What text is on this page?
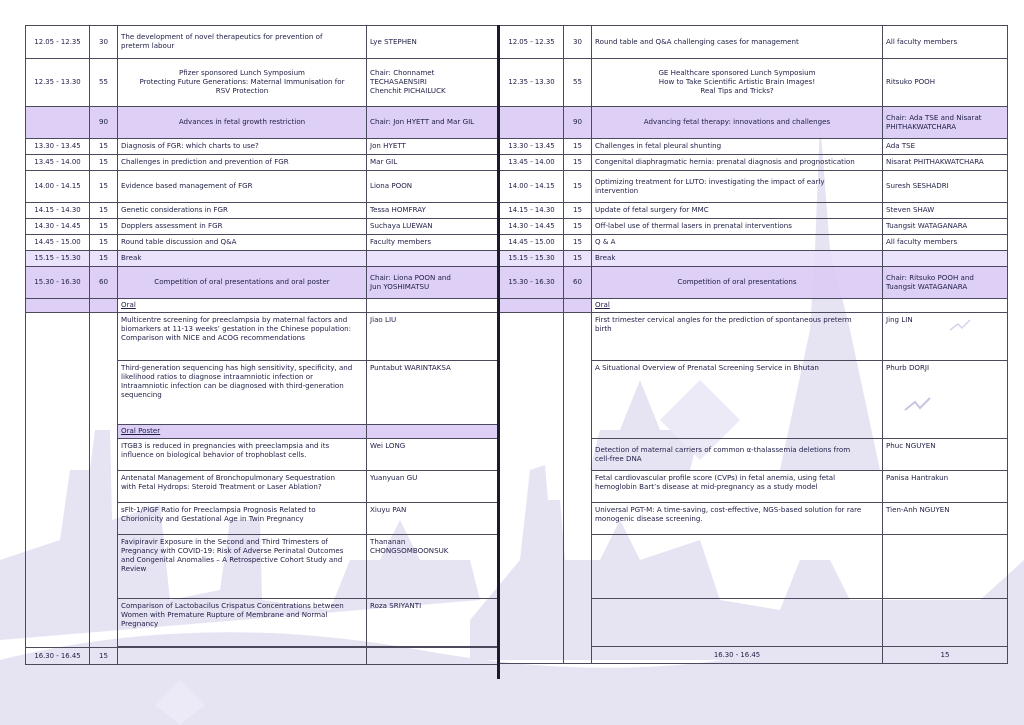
12.05 - 12.35	30	The development of novel therapeutics for prevention of
preterm labour	Lye STEPHEN
12.35 - 13.30	55	Pfizer sponsored Lunch Symposium
Protecting Future Generations: Maternal Immunisation for
RSV Protection	Chair: Chonnamet
TECHASAENSIRI
Chenchit PICHAILUCK

	90	Advances in fetal growth restriction	Chair: Jon HYETT and Mar GIL
13.30 - 13.45	15	Diagnosis of FGR: which charts to use?	Jon HYETT
13.45 - 14.00	15	Challenges in prediction and prevention of FGR	Mar GIL
14.00 - 14.15	15	Evidence based management of FGR	Liona POON
14.15 - 14.30	15	Genetic considerations in FGR	Tessa HOMFRAY
14.30 - 14.45	15	Dopplers assessment in FGR	Suchaya LUEWAN
14.45 - 15.00	15	Round table discussion and Q&A	Faculty members
15.15 - 15.30	15	Break	
15.30 - 16.30	60	Competition of oral presentations and oral poster	Chair: Liona POON and
Jun YOSHIMATSU

		Oral	

		Multicentre screening for preeclampsia by maternal factors and
biomarkers at 11-13 weeks’ gestation in the Chinese population:
Comparison with NICE and ACOG recommendations	Jiao LIU

		Third-generation sequencing has high sensitivity, specificity, and
likelihood ratios to diagnose intraamniotic infection or
Intraamniotic infection can be diagnosed with third-generation
sequencing	Puntabut WARINTAKSA
		Oral Poster	

		ITGB3 is reduced in pregnancies with preeclampsia and its
influence on biological behavior of trophoblast cells.	Wei LONG

		Antenatal Management of Bronchopulmonary Sequestration
with Fetal Hydrops: Steroid Treatment or Laser Ablation?	Yuanyuan GU

		sFlt-1/PlGF Ratio for Preeclampsia Prognosis Related to
Chorionicity and Gestational Age in Twin Pregnancy	Xiuyu PAN

		Favipiravir Exposure in the Second and Third Trimesters of
Pregnancy with COVID-19: Risk of Adverse Perinatal Outcomes
and Congenital Anomalies – A Retrospective Cohort Study and
Review	Thananan
CHONGSOMBOONSUK

		Comparison of Lactobacilus Crispatus Concentrations between
Women with Premature Rupture of Membrane and Normal
Pregnancy	Roza SRIYANTI

16.30 - 16.45	15		
12.05 - 12.35	30	Round table and Q&A challenging cases for management	All faculty members	
12.35 - 13.30	55	GE Healthcare sponsored Lunch Symposium
How to Take Scientific Artistic Brain Images!
Real Tips and Tricks?	Ritsuko POOH	
	90	Advancing fetal therapy: innovations and challenges	Chair: Ada TSE and Nisarat
PHITHAKWATCHARA	

13.30 - 13.45	15	Challenges in fetal pleural shunting	Ada TSE	
13.45 - 14.00	15	Congenital diaphragmatic hernia: prenatal diagnosis and prognostication	Nisarat PHITHAKWATCHARA	
14.00 - 14.15	15	Optimizing treatment for LUTO: investigating the impact of early
intervention	Suresh SESHADRI	
14.15 - 14.30	15	Update of fetal surgery for MMC	Steven SHAW	
14.30 - 14.45	15	Off-label use of thermal lasers in prenatal interventions	Tuangsit WATAGANARA	
14.45 - 15.00	15	Q & A	All faculty members	
15.15 - 15.30	15	Break		
15.30 - 16.30	60	Competition of oral presentations	Chair: Ritsuko POOH and
Tuangsit WATAGANARA	

		Oral		

		First trimester cervical angles for the prediction of spontaneous preterm
birth	Jing LIN	
		A Situational Overview of Prenatal Screening Service in Bhutan	Phurb DORJI	

		Detection of maternal carriers of common α-thalassemia deletions from
cell-free DNA	Phuc NGUYEN	

		Fetal cardiovascular profile score (CVPs) in fetal anemia, using fetal
hemoglobin Bart’s disease at mid-pregnancy as a study model	Panisa Hantrakun	

		Universal PGT-M: A time-saving, cost-effective, NGS-based solution for rare
monogenic disease screening.	Tien-Anh NGUYEN	

		16.30 - 16.45	15		
